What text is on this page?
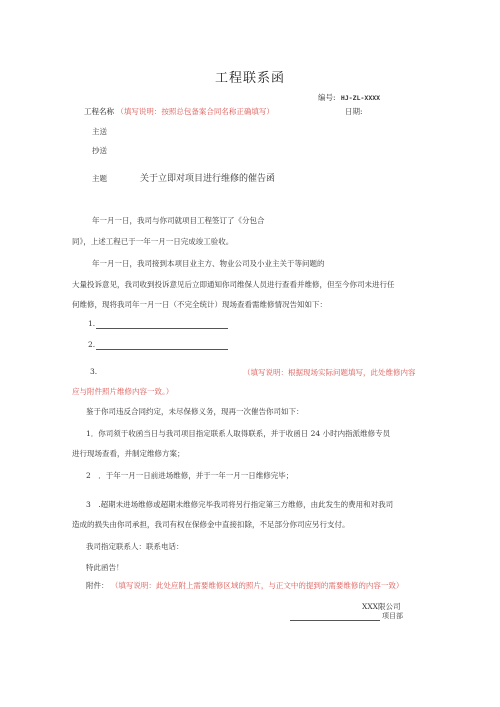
工程联系函
编号: HJ-ZL-XXXX
工程名称 （填写说明：按照总包备案合同名称正确填写）	日期:
主送
抄送
主题	关于立即对项目进行维修的催告函
年一月一日，我司与你司就项目工程签订了《分包合
同》，上述工程已于一年一月一日完成竣工验收。
年一月一日，我司接到本项目业主方、物业公司及小业主关于等问题的
大量投诉意见，我司收到投诉意见后立即通知你司维保人员进行查看并维修，但至今你司未进行任
何维修，现将我司年一月一日（不完全统计）现场查看需维修情况告知如下：
1.
2.
3.	（填写说明：根据现场实际问题填写，此处维修内容
应与附件照片维修内容一致。）
鉴于你司违反合同约定，未尽保修义务，现再一次催告你司如下：
1．你司须于收函当日与我司项目指定联系人取得联系，并于收函日 24 小时内指派维修专员
进行现场查看，并制定维修方案；
2　．于年一月一日前进场维修，并于一年一月一日维修完毕；
3　.超期未进场维修或超期未维修完毕我司将另行指定第三方维修，由此发生的费用和对我司
造成的损失由你司承担，我司有权在保修金中直接扣除，不足部分你司应另行支付。
我司指定联系人：联系电话：
特此函告！
附件： （填写说明：此处应附上需要维修区域的照片，与正文中的提到的需要维修的内容一致）
XXX限公司
项目部
